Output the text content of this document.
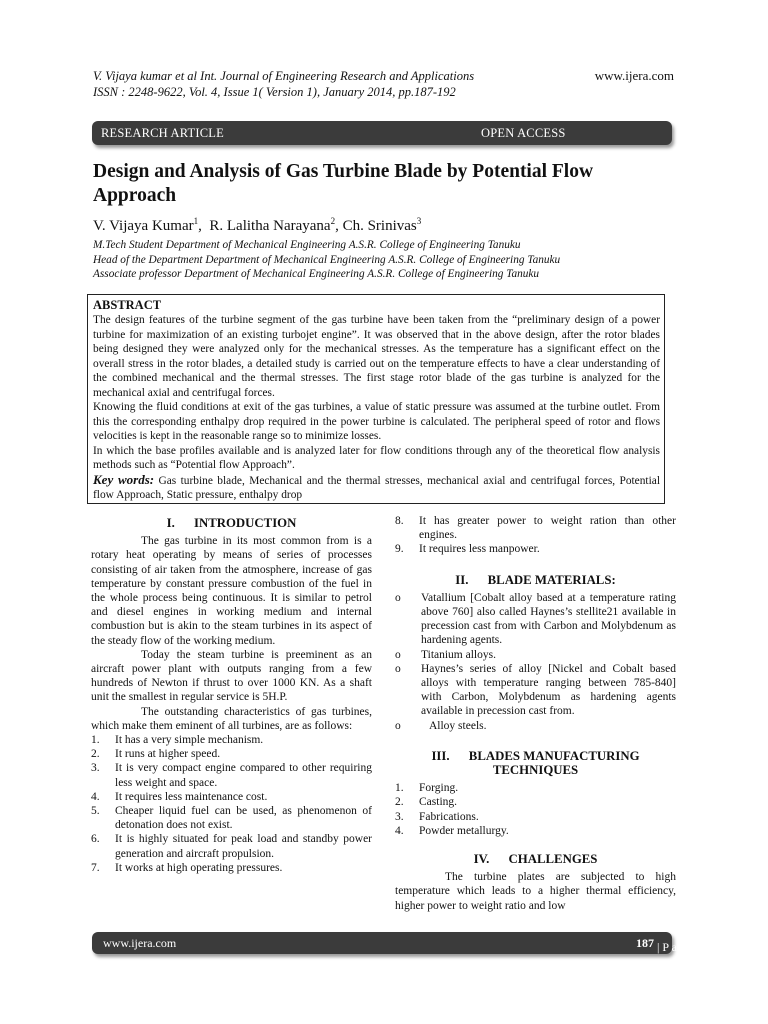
V. Vijaya kumar et al Int. Journal of Engineering Research and Applications
ISSN : 2248-9622, Vol. 4, Issue 1( Version 1), January 2014, pp.187-192
www.ijera.com
RESEARCH ARTICLE	OPEN ACCESS
Design and Analysis of Gas Turbine Blade by Potential Flow Approach
V. Vijaya Kumar$^1$,  R. Lalitha Narayana$^2$, Ch. Srinivas$^3$
M.Tech Student Department of Mechanical Engineering A.S.R. College of Engineering Tanuku
Head of the Department Department of Mechanical Engineering A.S.R. College of Engineering Tanuku
Associate professor Department of Mechanical Engineering A.S.R. College of Engineering Tanuku
ABSTRACT

The design features of the turbine segment of the gas turbine have been taken from the “preliminary design of a power turbine for maximization of an existing turbojet engine”. It was observed that in the above design, after the rotor blades being designed they were analyzed only for the mechanical stresses. As the temperature has a significant effect on the overall stress in the rotor blades, a detailed study is carried out on the temperature effects to have a clear understanding of the combined mechanical and the thermal stresses. The first stage rotor blade of the gas turbine is analyzed for the mechanical axial and centrifugal forces.

Knowing the fluid conditions at exit of the gas turbines, a value of static pressure was assumed at the turbine outlet. From this the corresponding enthalpy drop required in the power turbine is calculated. The peripheral speed of rotor and flows velocities is kept in the reasonable range so to minimize losses.

In which the base profiles available and is analyzed later for flow conditions through any of the theoretical flow analysis methods such as “Potential flow Approach”.

Key words: Gas turbine blade, Mechanical and the thermal stresses, mechanical axial and centrifugal forces, Potential flow Approach, Static pressure, enthalpy drop

I.      INTRODUCTION

The gas turbine in its most common from is a rotary heat operating by means of series of processes consisting of air taken from the atmosphere, increase of gas temperature by constant pressure combustion of the fuel in the whole process being continuous. It is similar to petrol and diesel engines in working medium and internal combustion but is akin to the steam turbines in its aspect of the steady flow of the working medium.

Today the steam turbine is preeminent as an aircraft power plant with outputs ranging from a few hundreds of Newton if thrust to over 1000 KN. As a shaft unit the smallest in regular service is 5H.P.

The outstanding characteristics of gas turbines, which make them eminent of all turbines, are as follows:

1. It has a very simple mechanism.
2. It runs at higher speed.
3. It is very compact engine compared to other requiring less weight and space.
4. It requires less maintenance cost.
5. Cheaper liquid fuel can be used, as phenomenon of detonation does not exist.
6. It is highly situated for peak load and standby power generation and aircraft propulsion.
7. It works at high operating pressures.
8. It has greater power to weight ration than other engines.
9. It requires less manpower.
II.      BLADE MATERIALS:
o Vatallium [Cobalt alloy based at a temperature rating above 760] also called Haynes’s stellite21 available in precession cast from with Carbon and Molybdenum as hardening agents.
o Titanium alloys.
o Haynes’s series of alloy [Nickel and Cobalt based alloys with temperature ranging between 785-840] with Carbon, Molybdenum as hardening agents available in precession cast from.
o Alloy steels.
III.      BLADES MANUFACTURING TECHNIQUES
1. Forging.
2. Casting.
3. Fabrications.
4. Powder metallurgy.
IV.      CHALLENGES

The turbine plates are subjected to high temperature which leads to a higher thermal efficiency, higher power to weight ratio and low

www.ijera.com	187 | P a g e
